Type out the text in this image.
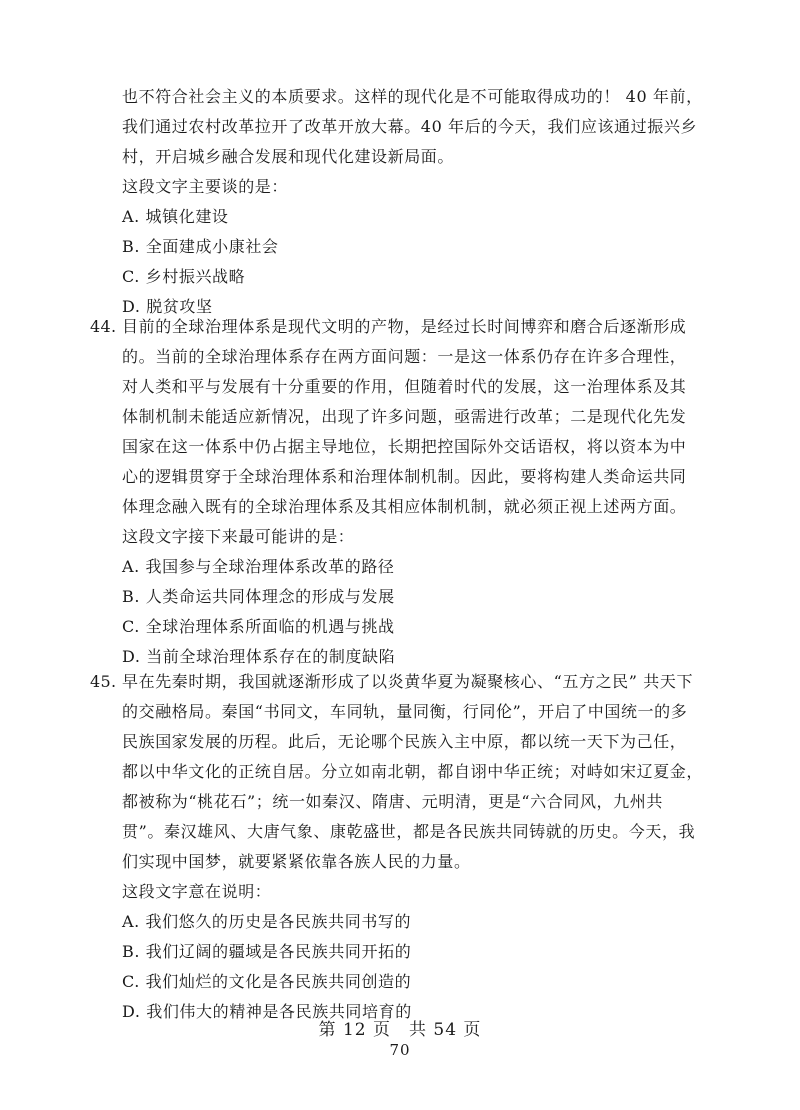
也不符合社会主义的本质要求。这样的现代化是不可能取得成功的！ 40 年前，
我们通过农村改革拉开了改革开放大幕。40 年后的今天，我们应该通过振兴乡
村，开启城乡融合发展和现代化建设新局面。
这段文字主要谈的是：
A. 城镇化建设
B. 全面建成小康社会
C. 乡村振兴战略
D. 脱贫攻坚
44. 目前的全球治理体系是现代文明的产物，是经过长时间博弈和磨合后逐渐形成
的。当前的全球治理体系存在两方面问题：一是这一体系仍存在许多合理性，
对人类和平与发展有十分重要的作用，但随着时代的发展，这一治理体系及其
体制机制未能适应新情况，出现了许多问题，亟需进行改革；二是现代化先发
国家在这一体系中仍占据主导地位，长期把控国际外交话语权，将以资本为中
心的逻辑贯穿于全球治理体系和治理体制机制。因此，要将构建人类命运共同
体理念融入既有的全球治理体系及其相应体制机制，就必须正视上述两方面。
这段文字接下来最可能讲的是：
A. 我国参与全球治理体系改革的路径
B. 人类命运共同体理念的形成与发展
C. 全球治理体系所面临的机遇与挑战
D. 当前全球治理体系存在的制度缺陷
45. 早在先秦时期，我国就逐渐形成了以炎黄华夏为凝聚核心、“五方之民” 共天下
的交融格局。秦国“书同文，车同轨，量同衡，行同伦”，开启了中国统一的多
民族国家发展的历程。此后，无论哪个民族入主中原，都以统一天下为己任，
都以中华文化的正统自居。分立如南北朝，都自诩中华正统；对峙如宋辽夏金，
都被称为“桃花石”；统一如秦汉、隋唐、元明清，更是“六合同风，九州共
贯”。秦汉雄风、大唐气象、康乾盛世，都是各民族共同铸就的历史。今天，我
们实现中国梦，就要紧紧依靠各族人民的力量。
这段文字意在说明：
A. 我们悠久的历史是各民族共同书写的
B. 我们辽阔的疆域是各民族共同开拓的
C. 我们灿烂的文化是各民族共同创造的
D. 我们伟大的精神是各民族共同培育的
第 12 页　共 54 页
70
